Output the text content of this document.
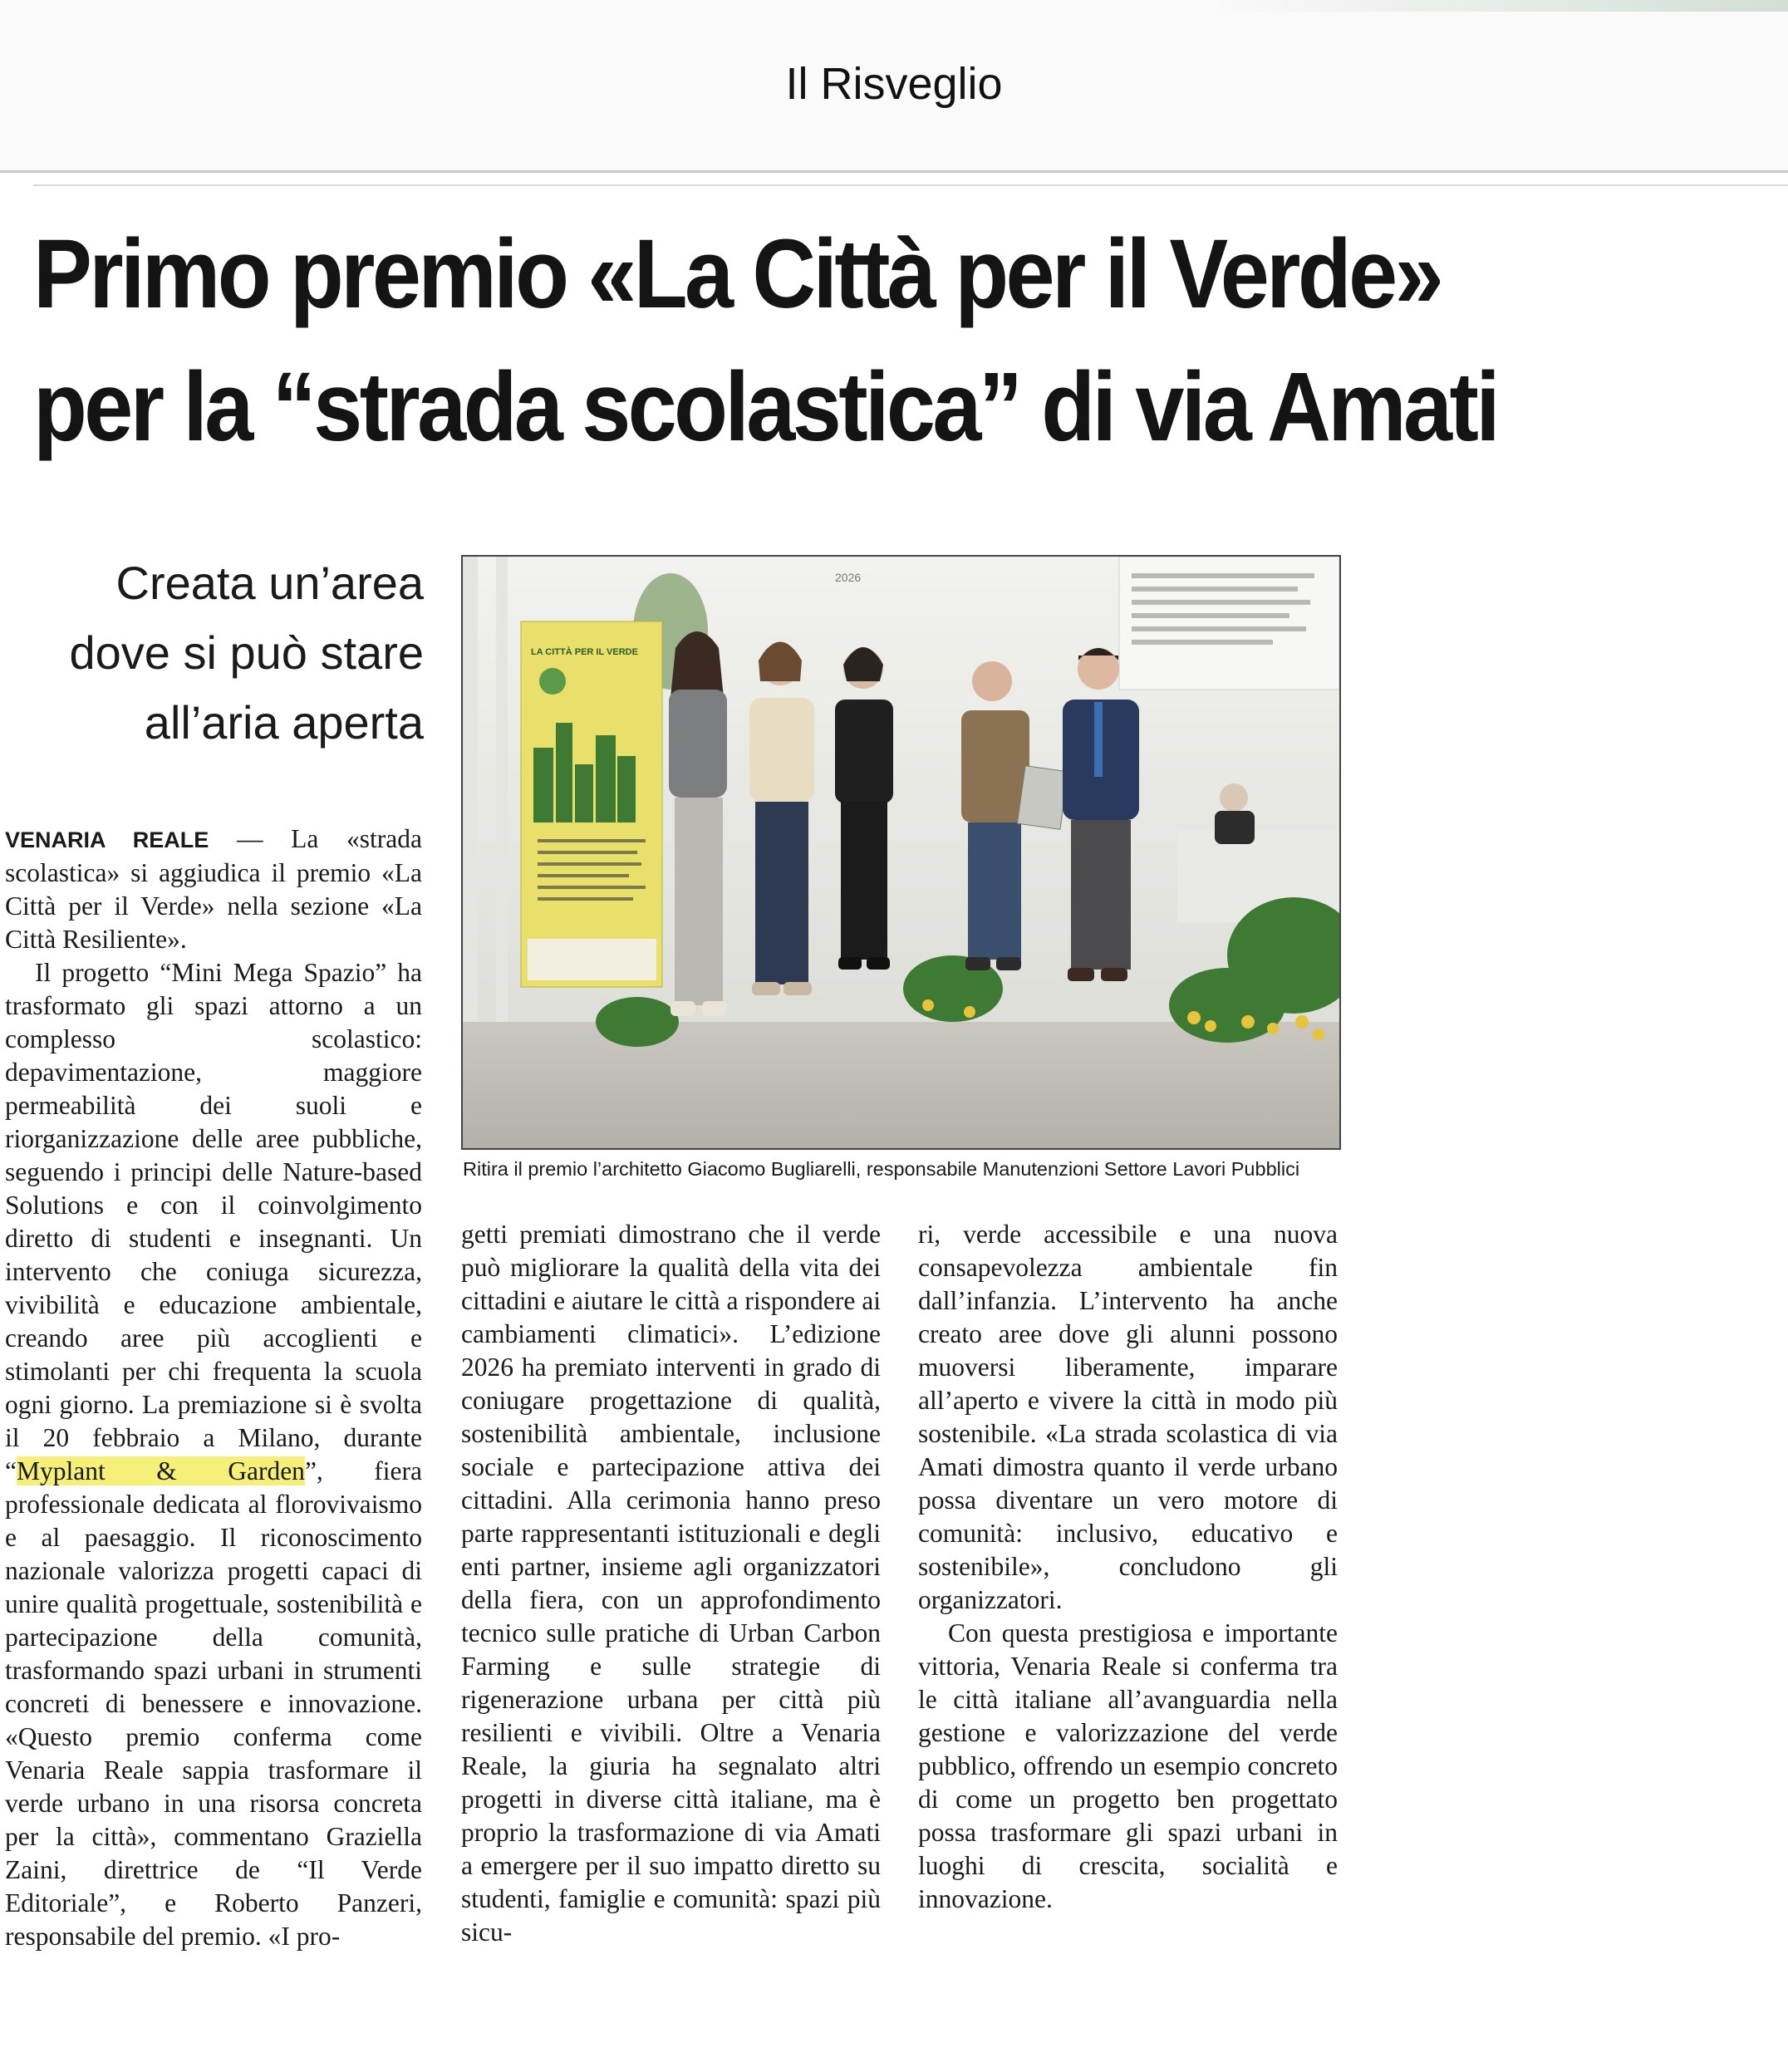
Il Risveglio
Primo premio «La Città per il Verde»
per la “strada scolastica” di via Amati
Creata un’area
dove si può stare
all’aria aperta
2026
LA CITTÀ PER IL VERDE
Ritira il premio l’architetto Giacomo Bugliarelli, responsabile Manutenzioni Settore Lavori Pubblici

VENARIA REALE — La «strada scolastica» si aggiudica il premio «La Città per il Verde» nella sezione «La Città Resiliente».

Il progetto “Mini Mega Spazio” ha trasformato gli spazi attorno a un complesso scolastico: depavimentazione, maggiore permeabilità dei suoli e riorganizzazione delle aree pubbliche, seguendo i principi delle Nature-based Solutions e con il coinvolgimento diretto di studenti e insegnanti. Un intervento che coniuga sicurezza, vivibilità e educazione ambientale, creando aree più accoglienti e stimolanti per chi frequenta la scuola ogni giorno. La premiazione si è svolta il 20 febbraio a Milano, durante “Myplant & Garden”, fiera professionale dedicata al florovivaismo e al paesaggio. Il riconoscimento nazionale valorizza progetti capaci di unire qualità progettuale, sostenibilità e partecipazione della comunità, trasformando spazi urbani in strumenti concreti di benessere e innovazione. «Questo premio conferma come Venaria Reale sappia trasformare il verde urbano in una risorsa concreta per la città», commentano Graziella Zaini, direttrice de “Il Verde Editoriale”, e Roberto Panzeri, responsabile del premio. «I pro-

getti premiati dimostrano che il verde può migliorare la qualità della vita dei cittadini e aiutare le città a rispondere ai cambiamenti climatici». L’edizione 2026 ha premiato interventi in grado di coniugare progettazione di qualità, sostenibilità ambientale, inclusione sociale e partecipazione attiva dei cittadini. Alla cerimonia hanno preso parte rappresentanti istituzionali e degli enti partner, insieme agli organizzatori della fiera, con un approfondimento tecnico sulle pratiche di Urban Carbon Farming e sulle strategie di rigenerazione urbana per città più resilienti e vivibili. Oltre a Venaria Reale, la giuria ha segnalato altri progetti in diverse città italiane, ma è proprio la trasformazione di via Amati a emergere per il suo impatto diretto su studenti, famiglie e comunità: spazi più sicu-

ri, verde accessibile e una nuova consapevolezza ambientale fin dall’infanzia. L’intervento ha anche creato aree dove gli alunni possono muoversi liberamente, imparare all’aperto e vivere la città in modo più sostenibile. «La strada scolastica di via Amati dimostra quanto il verde urbano possa diventare un vero motore di comunità: inclusivo, educativo e sostenibile», concludono gli organizzatori.

Con questa prestigiosa e importante vittoria, Venaria Reale si conferma tra le città italiane all’avanguardia nella gestione e valorizzazione del verde pubblico, offrendo un esempio concreto di come un progetto ben progettato possa trasformare gli spazi urbani in luoghi di crescita, socialità e innovazione.
